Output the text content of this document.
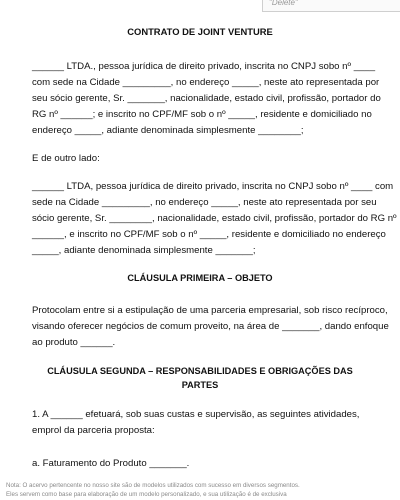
"Delete"
CONTRATO DE JOINT VENTURE
______ LTDA., pessoa jurídica de direito privado, inscrita no CNPJ sobo nº ____
com sede na Cidade _________, no endereço _____, neste ato representada por
seu sócio gerente, Sr. _______, nacionalidade, estado civil, profissão, portador do
RG nº ______; e inscrito no CPF/MF sob o nº _____, residente e domiciliado no
endereço _____, adiante denominada simplesmente ________;
E de outro lado:
______ LTDA, pessoa jurídica de direito privado, inscrita no CNPJ sobo nº ____ com
sede na Cidade _________, no endereço _____, neste ato representada por seu
sócio gerente, Sr. ________, nacionalidade, estado civil, profissão, portador do RG nº
______, e inscrito no CPF/MF sob o nº _____, residente e domiciliado no endereço
_____, adiante denominada simplesmente _______;
CLÁUSULA PRIMEIRA – OBJETO
Protocolam entre si a estipulação de uma parceria empresarial, sob risco recíproco,
visando oferecer negócios de comum proveito, na área de _______, dando enfoque
ao produto ______.
CLÁUSULA SEGUNDA – RESPONSABILIDADES E OBRIGAÇÕES DAS
PARTES
1. A ______ efetuará, sob suas custas e supervisão, as seguintes atividades,
emprol da parceria proposta:
a. Faturamento do Produto _______.
Nota: O acervo pertencente no nosso site são de modelos utilizados com sucesso em diversos segmentos.
Eles servem como base para elaboração de um modelo personalizado, e sua utilização é de exclusiva
